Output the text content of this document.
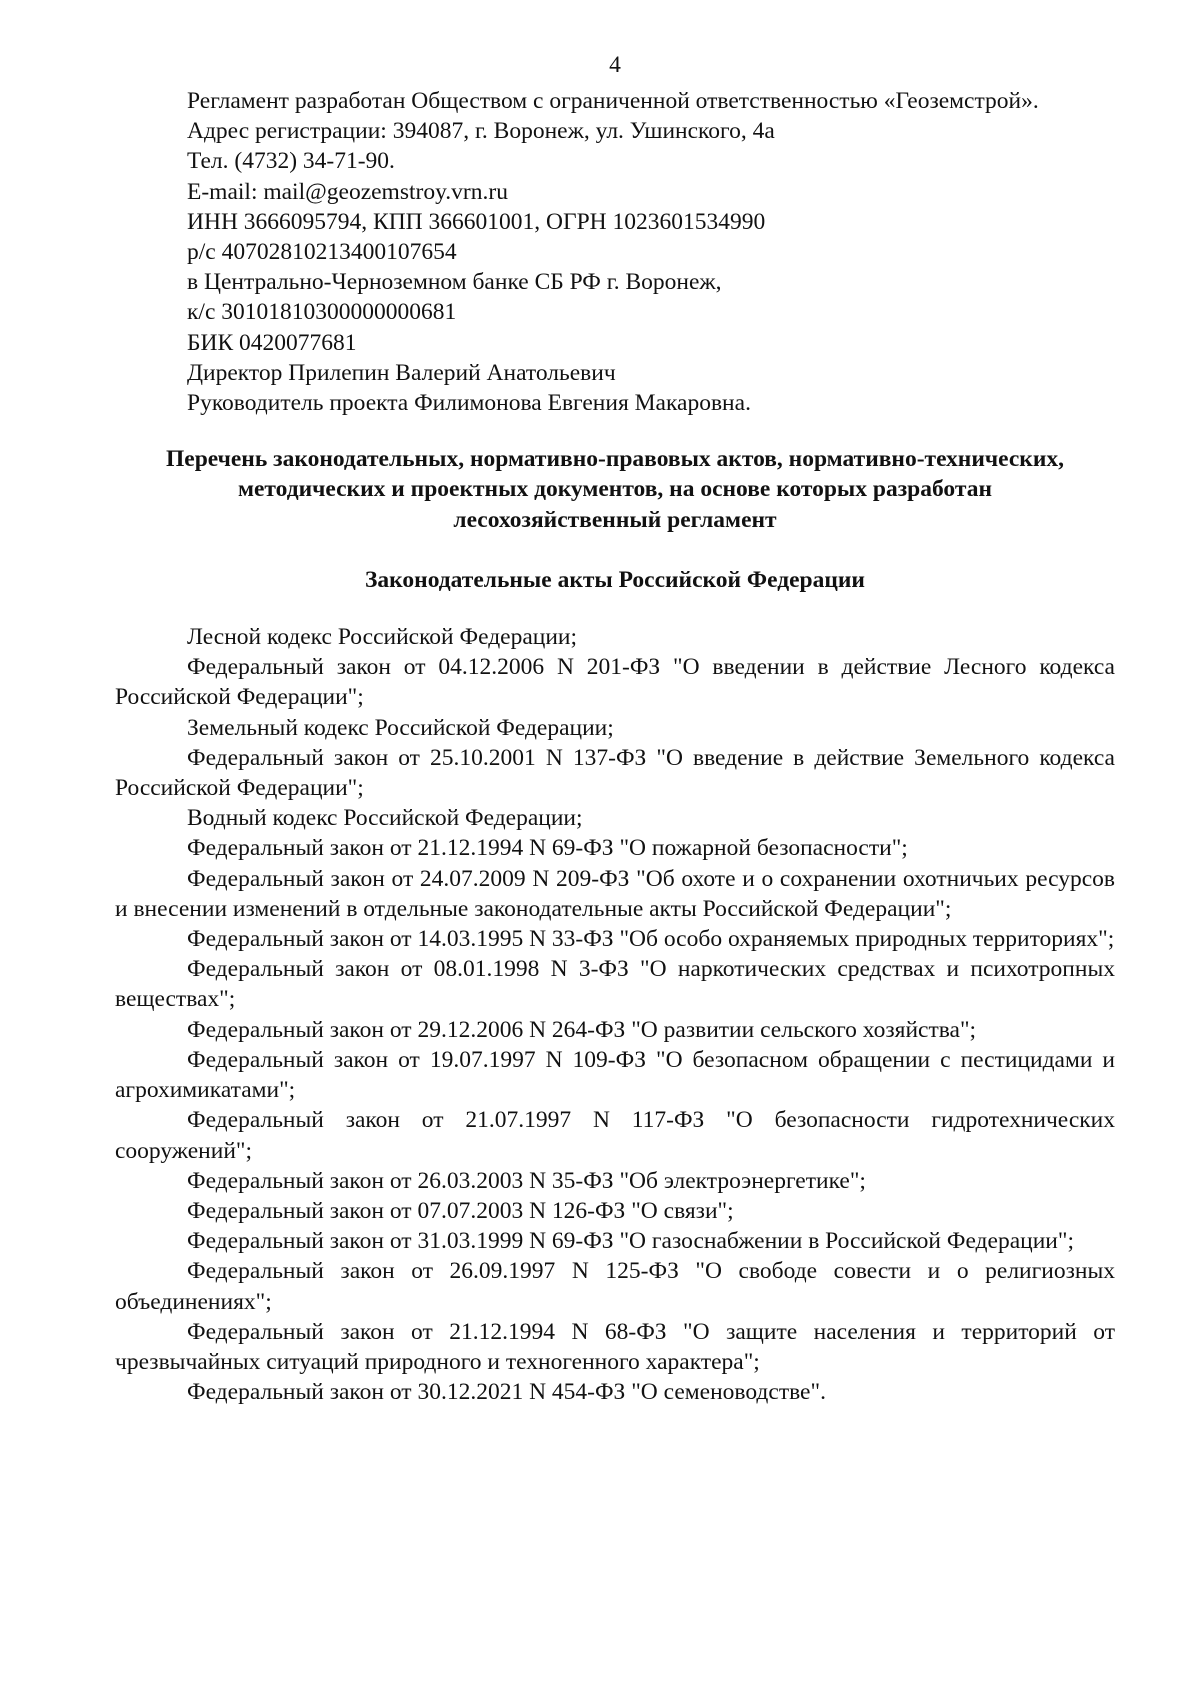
4

Регламент разработан Обществом с ограниченной ответственностью «Геоземстрой».

Адрес регистрации: 394087, г. Воронеж, ул. Ушинского, 4а

Тел. (4732) 34-71-90.

E-mail: mail@geozemstroy.vrn.ru

ИНН 3666095794, КПП 366601001, ОГРН 1023601534990

р/с 40702810213400107654

в Центрально-Черноземном банке СБ РФ г. Воронеж,

к/с 30101810300000000681

БИК 0420077681

Директор Прилепин Валерий Анатольевич

Руководитель проекта Филимонова Евгения Макаровна.

Перечень законодательных, нормативно-правовых актов, нормативно-технических, методических и проектных документов, на основе которых разработан лесохозяйственный регламент

Законодательные акты Российской Федерации

Лесной кодекс Российской Федерации;

Федеральный закон от 04.12.2006 N 201-ФЗ "О введении в действие Лесного кодекса Российской Федерации";

Земельный кодекс Российской Федерации;

Федеральный закон от 25.10.2001 N 137-ФЗ "О введение в действие Земельного кодекса Российской Федерации";

Водный кодекс Российской Федерации;

Федеральный закон от 21.12.1994 N 69-ФЗ "О пожарной безопасности";

Федеральный закон от 24.07.2009 N 209-ФЗ "Об охоте и о сохранении охотничьих ресурсов и внесении изменений в отдельные законодательные акты Российской Федерации";

Федеральный закон от 14.03.1995 N 33-ФЗ "Об особо охраняемых природных территориях";

Федеральный закон от 08.01.1998 N 3-ФЗ "О наркотических средствах и психотропных веществах";

Федеральный закон от 29.12.2006 N 264-ФЗ "О развитии сельского хозяйства";

Федеральный закон от 19.07.1997 N 109-ФЗ "О безопасном обращении с пестицидами и агрохимикатами";

Федеральный закон от 21.07.1997 N 117-ФЗ "О безопасности гидротехнических сооружений";

Федеральный закон от 26.03.2003 N 35-ФЗ "Об электроэнергетике";

Федеральный закон от 07.07.2003 N 126-ФЗ "О связи";

Федеральный закон от 31.03.1999 N 69-ФЗ "О газоснабжении в Российской Федерации";

Федеральный закон от 26.09.1997 N 125-ФЗ "О свободе совести и о религиозных объединениях";

Федеральный закон от 21.12.1994 N 68-ФЗ "О защите населения и территорий от чрезвычайных ситуаций природного и техногенного характера";

Федеральный закон от 30.12.2021 N 454-ФЗ "О семеноводстве".
